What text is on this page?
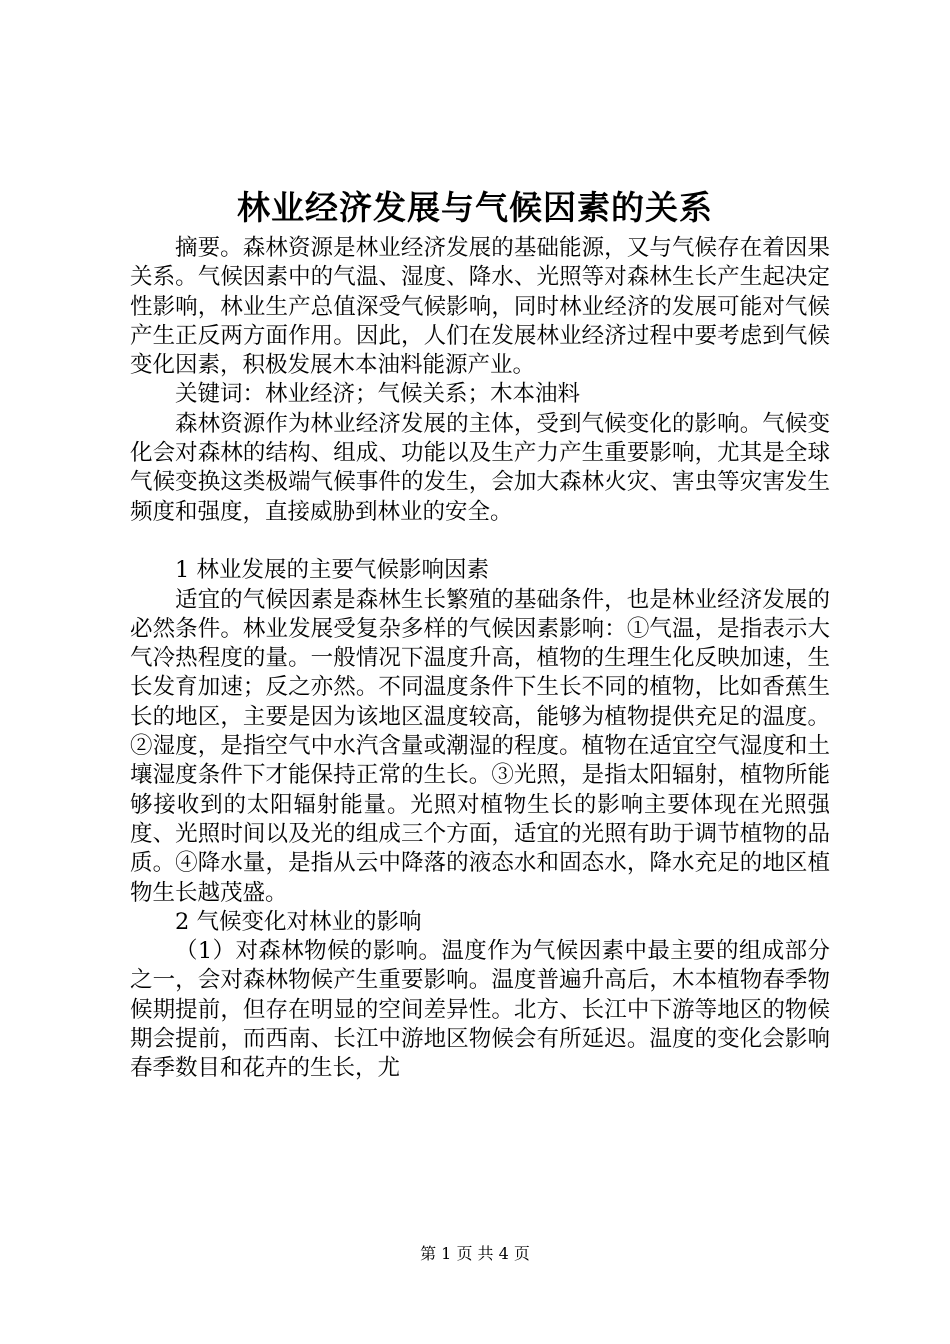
林业经济发展与气候因素的关系

摘要。森林资源是林业经济发展的基础能源，又与气候存在着因果关系。气候因素中的气温、湿度、降水、光照等对森林生长产生起决定性影响，林业生产总值深受气候影响，同时林业经济的发展可能对气候产生正反两方面作用。因此，人们在发展林业经济过程中要考虑到气候变化因素，积极发展木本油料能源产业。

关键词：林业经济；气候关系；木本油料

森林资源作为林业经济发展的主体，受到气候变化的影响。气候变化会对森林的结构、组成、功能以及生产力产生重要影响，尤其是全球气候变换这类极端气候事件的发生，会加大森林火灾、害虫等灾害发生频度和强度，直接威胁到林业的安全。

1 林业发展的主要气候影响因素

适宜的气候因素是森林生长繁殖的基础条件，也是林业经济发展的必然条件。林业发展受复杂多样的气候因素影响：①气温，是指表示大气冷热程度的量。一般情况下温度升高，植物的生理生化反映加速，生长发育加速；反之亦然。不同温度条件下生长不同的植物，比如香蕉生长的地区，主要是因为该地区温度较高，能够为植物提供充足的温度。②湿度，是指空气中水汽含量或潮湿的程度。植物在适宜空气湿度和土壤湿度条件下才能保持正常的生长。③光照，是指太阳辐射，植物所能够接收到的太阳辐射能量。光照对植物生长的影响主要体现在光照强度、光照时间以及光的组成三个方面，适宜的光照有助于调节植物的品质。④降水量，是指从云中降落的液态水和固态水，降水充足的地区植物生长越茂盛。

2 气候变化对林业的影响

（1）对森林物候的影响。温度作为气候因素中最主要的组成部分之一，会对森林物候产生重要影响。温度普遍升高后，木本植物春季物候期提前，但存在明显的空间差异性。北方、长江中下游等地区的物候期会提前，而西南、长江中游地区物候会有所延迟。温度的变化会影响春季数目和花卉的生长，尤

第 1 页 共 4 页
